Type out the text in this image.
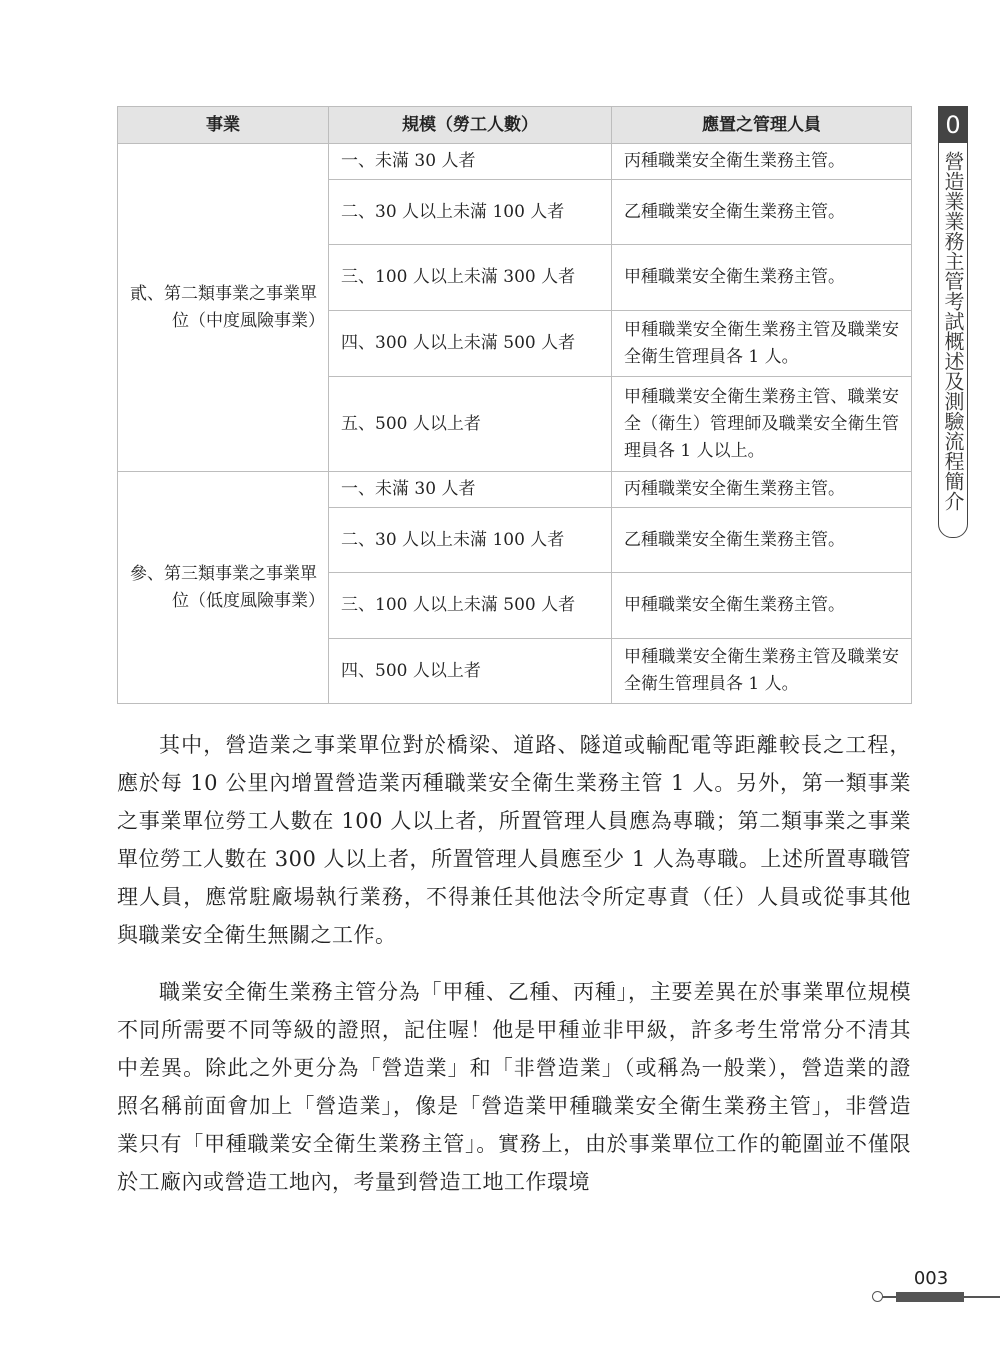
事業	規模（勞工人數）	應置之管理人員

貳、第二類事業之事業單位（中度風險事業）	一、未滿 30 人者	丙種職業安全衛生業務主管。
	二、30 人以上未滿 100 人者	乙種職業安全衛生業務主管。
	三、100 人以上未滿 300 人者	甲種職業安全衛生業務主管。
	四、300 人以上未滿 500 人者	甲種職業安全衛生業務主管及職業安全衛生管理員各 1 人。
	五、500 人以上者	甲種職業安全衛生業務主管、職業安全（衛生）管理師及職業安全衛生管理員各 1 人以上。

參、第三類事業之事業單位（低度風險事業）	一、未滿 30 人者	丙種職業安全衛生業務主管。
	二、30 人以上未滿 100 人者	乙種職業安全衛生業務主管。
	三、100 人以上未滿 500 人者	甲種職業安全衛生業務主管。
	四、500 人以上者	甲種職業安全衛生業務主管及職業安全衛生管理員各 1 人。

其中，營造業之事業單位對於橋梁、道路、隧道或輸配電等距離較長之工程，應於每 10 公里內增置營造業丙種職業安全衛生業務主管 1 人。另外，第一類事業之事業單位勞工人數在 100 人以上者，所置管理人員應為專職；第二類事業之事業單位勞工人數在 300 人以上者，所置管理人員應至少 1 人為專職。上述所置專職管理人員，應常駐廠場執行業務，不得兼任其他法令所定專責（任）人員或從事其他與職業安全衛生無關之工作。

職業安全衛生業務主管分為「甲種、乙種、丙種」，主要差異在於事業單位規模不同所需要不同等級的證照，記住喔！他是甲種並非甲級，許多考生常常分不清其中差異。除此之外更分為「營造業」和「非營造業」（或稱為一般業），營造業的證照名稱前面會加上「營造業」，像是「營造業甲種職業安全衛生業務主管」，非營造業只有「甲種職業安全衛生業務主管」。實務上，由於事業單位工作的範圍並不僅限於工廠內或營造工地內，考量到營造工地工作環境

0
營造業業務主管考試概述及測驗流程簡介
003
